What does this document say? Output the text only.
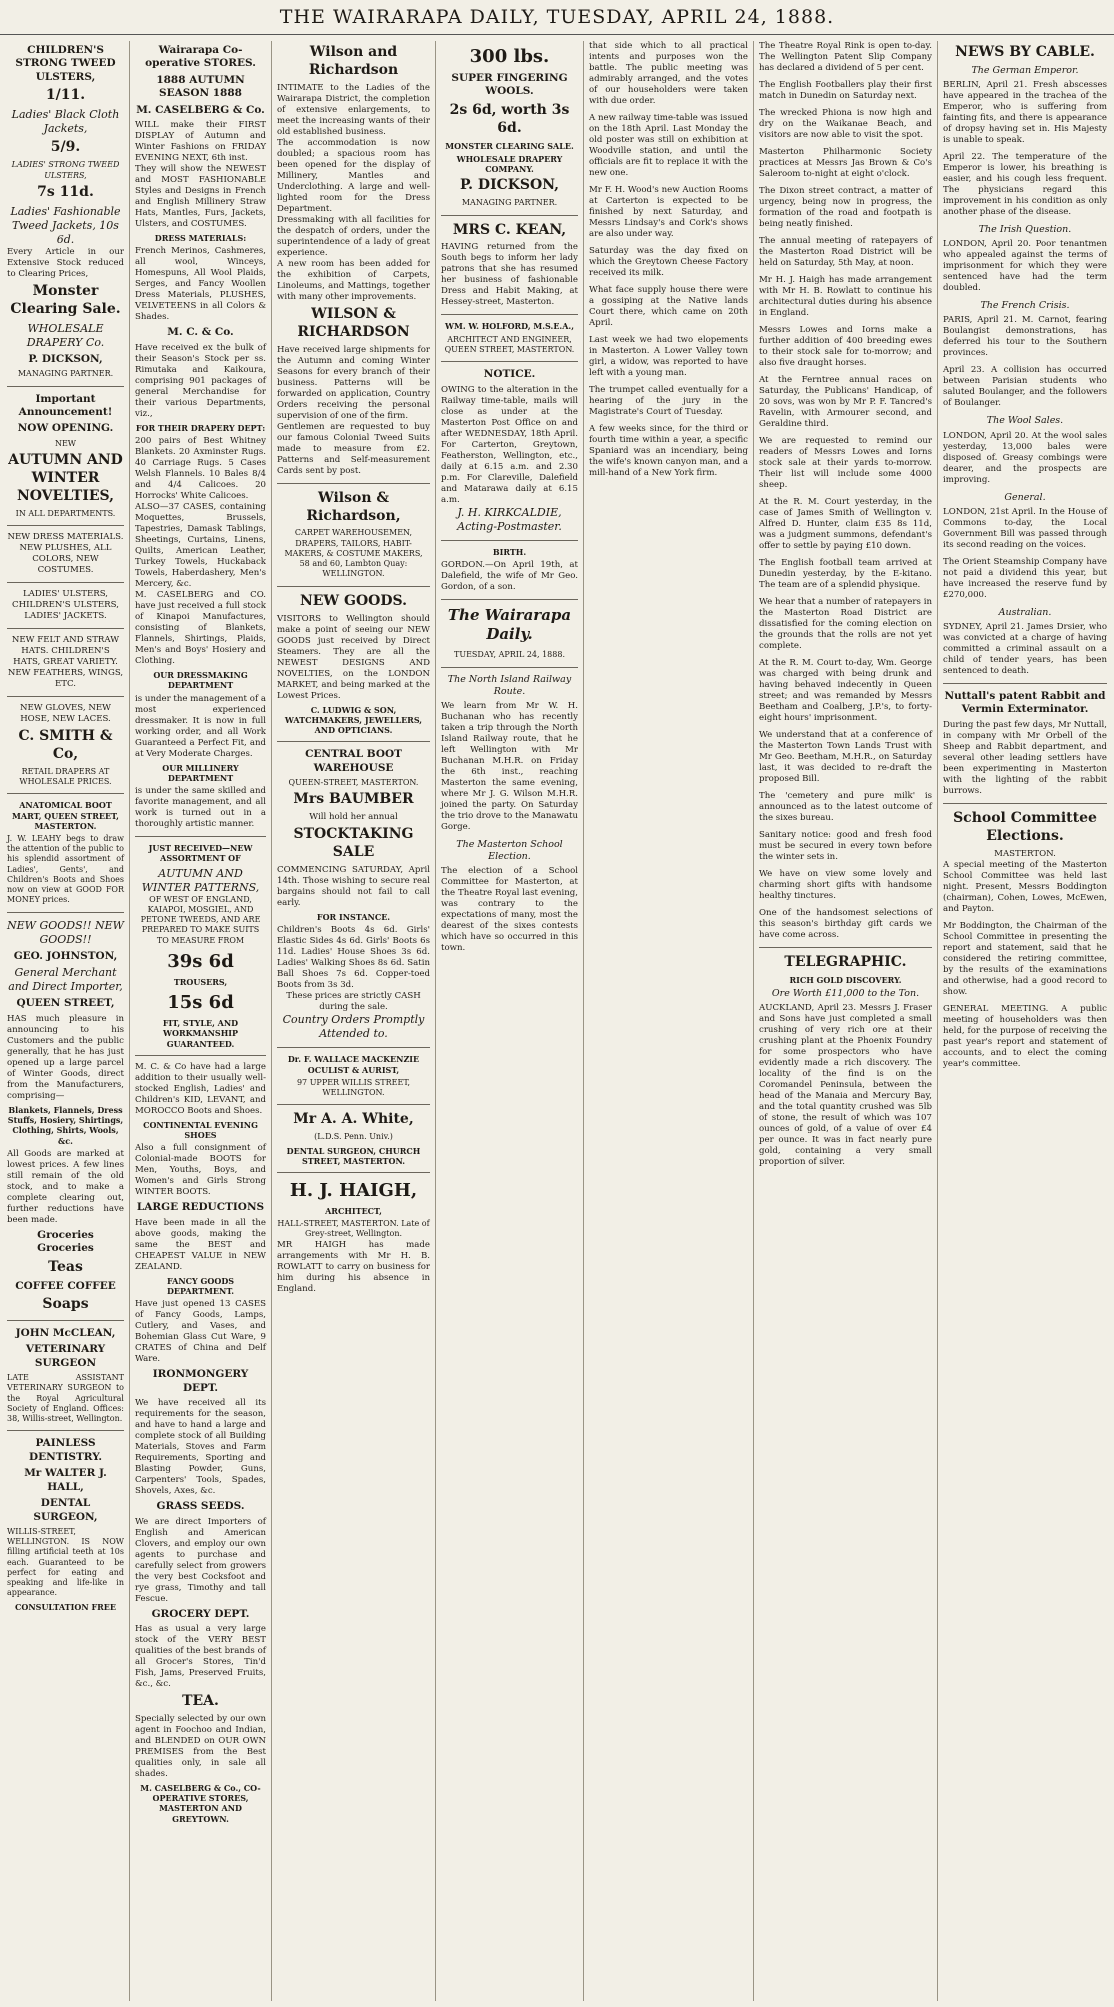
THE WAIRARAPA DAILY, TUESDAY, APRIL 24, 1888.
CHILDREN'S STRONG TWEED ULSTERS,
1/11.
Ladies' Black Cloth Jackets,
5/9.
LADIES' STRONG TWEED ULSTERS,
7s 11d.
Ladies' Fashionable Tweed Jackets, 10s 6d.
Every Article in our Extensive Stock reduced to Clearing Prices,
Monster Clearing Sale.
WHOLESALE DRAPERY Co.
P. DICKSON,
MANAGING PARTNER.
Important Announcement!
NOW OPENING.
NEW
AUTUMN AND WINTER NOVELTIES,
IN ALL DEPARTMENTS.
NEW DRESS MATERIALS. NEW PLUSHES, ALL COLORS, NEW COSTUMES.
LADIES' ULSTERS, CHILDREN'S ULSTERS, LADIES' JACKETS.
NEW FELT AND STRAW HATS. CHILDREN'S HATS, GREAT VARIETY. NEW FEATHERS, WINGS, ETC.
NEW GLOVES, NEW HOSE, NEW LACES.
C. SMITH & Co,
RETAIL DRAPERS AT WHOLESALE PRICES.
ANATOMICAL BOOT MART, QUEEN STREET, MASTERTON.
J. W. LEAHY begs to draw the attention of the public to his splendid assortment of Ladies', Gents', and Children's Boots and Shoes now on view at GOOD FOR MONEY prices.
NEW GOODS!! NEW GOODS!!
GEO. JOHNSTON,
General Merchant and Direct Importer,
QUEEN STREET,
HAS much pleasure in announcing to his Customers and the public generally, that he has just opened up a large parcel of Winter Goods, direct from the Manufacturers, comprising—
Blankets, Flannels, Dress Stuffs, Hosiery, Shirtings, Clothing, Shirts, Wools, &c.
All Goods are marked at lowest prices. A few lines still remain of the old stock, and to make a complete clearing out, further reductions have been made.
Groceries Groceries
Teas
COFFEE COFFEE
Soaps
JOHN McCLEAN,
VETERINARY SURGEON
LATE ASSISTANT VETERINARY SURGEON to the Royal Agricultural Society of England. Offices: 38, Willis-street, Wellington.
PAINLESS DENTISTRY.
Mr WALTER J. HALL,
DENTAL SURGEON,
WILLIS-STREET, WELLINGTON. IS NOW filling artificial teeth at 10s each. Guaranteed to be perfect for eating and speaking and life-like in appearance.
CONSULTATION FREE
Wairarapa Co-operative STORES.
1888 AUTUMN SEASON 1888
M. CASELBERG & Co.
WILL make their FIRST DISPLAY of Autumn and Winter Fashions on FRIDAY EVENING NEXT, 6th inst.
They will show the NEWEST and MOST FASHIONABLE Styles and Designs in French and English Millinery Straw Hats, Mantles, Furs, Jackets, Ulsters, and COSTUMES.
DRESS MATERIALS:
French Merinos, Cashmeres, all wool, Winceys, Homespuns, All Wool Plaids, Serges, and Fancy Woollen Dress Materials, PLUSHES, VELVETEENS in all Colors & Shades.
M. C. & Co.
Have received ex the bulk of their Season's Stock per ss. Rimutaka and Kaikoura, comprising 901 packages of general Merchandise for their various Departments, viz.,
FOR THEIR DRAPERY DEPT:
200 pairs of Best Whitney Blankets. 20 Axminster Rugs. 40 Carriage Rugs. 5 Cases Welsh Flannels. 10 Bales 8/4 and 4/4 Calicoes. 20 Horrocks' White Calicoes.
ALSO—37 CASES, containing Moquettes, Brussels, Tapestries, Damask Tablings, Sheetings, Curtains, Linens, Quilts, American Leather, Turkey Towels, Huckaback Towels, Haberdashery, Men's Mercery, &c.
M. CASELBERG and CO. have just received a full stock of Kinapoi Manufactures, consisting of Blankets, Flannels, Shirtings, Plaids, Men's and Boys' Hosiery and Clothing.
OUR DRESSMAKING DEPARTMENT
is under the management of a most experienced dressmaker. It is now in full working order, and all Work Guaranteed a Perfect Fit, and at Very Moderate Charges.
OUR MILLINERY DEPARTMENT
is under the same skilled and favorite management, and all work is turned out in a thoroughly artistic manner.
JUST RECEIVED—NEW ASSORTMENT OF
AUTUMN AND WINTER PATTERNS,
OF WEST OF ENGLAND, KAIAPOI, MOSGIEL, AND PETONE TWEEDS, AND ARE PREPARED TO MAKE SUITS TO MEASURE FROM
39s 6d
TROUSERS,
15s 6d
FIT, STYLE, AND WORKMANSHIP GUARANTEED.
M. C. & Co have had a large addition to their usually well-stocked English, Ladies' and Children's KID, LEVANT, and MOROCCO Boots and Shoes.
CONTINENTAL EVENING SHOES
Also a full consignment of Colonial-made BOOTS for Men, Youths, Boys, and Women's and Girls Strong WINTER BOOTS.
LARGE REDUCTIONS
Have been made in all the above goods, making the same the BEST and CHEAPEST VALUE in NEW ZEALAND.
FANCY GOODS DEPARTMENT.
Have just opened 13 CASES of Fancy Goods, Lamps, Cutlery, and Vases, and Bohemian Glass Cut Ware, 9 CRATES of China and Delf Ware.
IRONMONGERY DEPT.
We have received all its requirements for the season, and have to hand a large and complete stock of all Building Materials, Stoves and Farm Requirements, Sporting and Blasting Powder, Guns, Carpenters' Tools, Spades, Shovels, Axes, &c.
GRASS SEEDS.
We are direct Importers of English and American Clovers, and employ our own agents to purchase and carefully select from growers the very best Cocksfoot and rye grass, Timothy and tall Fescue.
GROCERY DEPT.
Has as usual a very large stock of the VERY BEST qualities of the best brands of all Grocer's Stores, Tin'd Fish, Jams, Preserved Fruits, &c., &c.
TEA.
Specially selected by our own agent in Foochoo and Indian, and BLENDED on OUR OWN PREMISES from the Best qualities only, in sale all shades.
M. CASELBERG & Co., CO-OPERATIVE STORES, MASTERTON AND GREYTOWN.
Wilson and Richardson
INTIMATE to the Ladies of the Wairarapa District, the completion of extensive enlargements, to meet the increasing wants of their old established business.
The accommodation is now doubled; a spacious room has been opened for the display of Millinery, Mantles and Underclothing. A large and well-lighted room for the Dress Department.
Dressmaking with all facilities for the despatch of orders, under the superintendence of a lady of great experience.
A new room has been added for the exhibition of Carpets, Linoleums, and Mattings, together with many other improvements.
WILSON & RICHARDSON
Have received large shipments for the Autumn and coming Winter Seasons for every branch of their business. Patterns will be forwarded on application, Country Orders receiving the personal supervision of one of the firm.
Gentlemen are requested to buy our famous Colonial Tweed Suits made to measure from £2. Patterns and Self-measurement Cards sent by post.
Wilson & Richardson,
CARPET WAREHOUSEMEN, DRAPERS, TAILORS, HABIT-MAKERS, & COSTUME MAKERS,
58 and 60, Lambton Quay: WELLINGTON.
NEW GOODS.
VISITORS to Wellington should make a point of seeing our NEW GOODS just received by Direct Steamers. They are all the NEWEST DESIGNS AND NOVELTIES, on the LONDON MARKET, and being marked at the Lowest Prices.
C. LUDWIG & SON, WATCHMAKERS, JEWELLERS, AND OPTICIANS.
CENTRAL BOOT WAREHOUSE
QUEEN-STREET, MASTERTON.
Mrs BAUMBER
Will hold her annual
STOCKTAKING SALE
COMMENCING SATURDAY, April 14th. Those wishing to secure real bargains should not fail to call early.
FOR INSTANCE.
Children's Boots 4s 6d. Girls' Elastic Sides 4s 6d. Girls' Boots 6s 11d. Ladies' House Shoes 3s 6d. Ladies' Walking Shoes 8s 6d. Satin Ball Shoes 7s 6d. Copper-toed Boots from 3s 3d.
These prices are strictly CASH during the sale.
Country Orders Promptly Attended to.
Dr. F. WALLACE MACKENZIE OCULIST & AURIST,
97 UPPER WILLIS STREET, WELLINGTON.
Mr A. A. White,
(L.D.S. Penn. Univ.)
DENTAL SURGEON, CHURCH STREET, MASTERTON.
H. J. HAIGH,
ARCHITECT,
HALL-STREET, MASTERTON. Late of Grey-street, Wellington.
MR HAIGH has made arrangements with Mr H. B. ROWLATT to carry on business for him during his absence in England.
300 lbs.
SUPER FINGERING WOOLS.
2s 6d, worth 3s 6d.
MONSTER CLEARING SALE.
WHOLESALE DRAPERY COMPANY.
P. DICKSON,
MANAGING PARTNER.
MRS C. KEAN,
HAVING returned from the South begs to inform her lady patrons that she has resumed her business of fashionable Dress and Habit Making, at Hessey-street, Masterton.
WM. W. HOLFORD, M.S.E.A.,
ARCHITECT AND ENGINEER, QUEEN STREET, MASTERTON.
NOTICE.
OWING to the alteration in the Railway time-table, mails will close as under at the Masterton Post Office on and after WEDNESDAY, 18th April. For Carterton, Greytown, Featherston, Wellington, etc., daily at 6.15 a.m. and 2.30 p.m. For Clareville, Dalefield and Matarawa daily at 6.15 a.m.
J. H. KIRKCALDIE, Acting-Postmaster.
BIRTH.
GORDON.—On April 19th, at Dalefield, the wife of Mr Geo. Gordon, of a son.
The Wairarapa Daily.
TUESDAY, APRIL 24, 1888.
The North Island Railway Route.
We learn from Mr W. H. Buchanan who has recently taken a trip through the North Island Railway route, that he left Wellington with Mr Buchanan M.H.R. on Friday the 6th inst., reaching Masterton the same evening, where Mr J. G. Wilson M.H.R. joined the party. On Saturday the trio drove to the Manawatu Gorge.
The Masterton School Election.
The election of a School Committee for Masterton, at the Theatre Royal last evening, was contrary to the expectations of many, most the dearest of the sixes contests which have so occurred in this town.
that side which to all practical intents and purposes won the battle. The public meeting was admirably arranged, and the votes of our householders were taken with due order.
A new railway time-table was issued on the 18th April. Last Monday the old poster was still on exhibition at Woodville station, and until the officials are fit to replace it with the new one.
Mr F. H. Wood's new Auction Rooms at Carterton is expected to be finished by next Saturday, and Messrs Lindsay's and Cork's shows are also under way.
Saturday was the day fixed on which the Greytown Cheese Factory received its milk.
What face supply house there were a gossiping at the Native lands Court there, which came on 20th April.
Last week we had two elopements in Masterton. A Lower Valley town girl, a widow, was reported to have left with a young man.
The trumpet called eventually for a hearing of the jury in the Magistrate's Court of Tuesday.
A few weeks since, for the third or fourth time within a year, a specific Spaniard was an incendiary, being the wife's known canyon man, and a mill-hand of a New York firm.
The Theatre Royal Rink is open to-day. The Wellington Patent Slip Company has declared a dividend of 5 per cent.
The English Footballers play their first match in Dunedin on Saturday next.
The wrecked Phiona is now high and dry on the Waikanae Beach, and visitors are now able to visit the spot.
Masterton Philharmonic Society practices at Messrs Jas Brown & Co's Saleroom to-night at eight o'clock.
The Dixon street contract, a matter of urgency, being now in progress, the formation of the road and footpath is being neatly finished.
The annual meeting of ratepayers of the Masterton Road District will be held on Saturday, 5th May, at noon.
Mr H. J. Haigh has made arrangement with Mr H. B. Rowlatt to continue his architectural duties during his absence in England.
Messrs Lowes and Iorns make a further addition of 400 breeding ewes to their stock sale for to-morrow; and also five draught horses.
At the Ferntree annual races on Saturday, the Publicans' Handicap, of 20 sovs, was won by Mr P. F. Tancred's Ravelin, with Armourer second, and Geraldine third.
We are requested to remind our readers of Messrs Lowes and Iorns stock sale at their yards to-morrow. Their list will include some 4000 sheep.
At the R. M. Court yesterday, in the case of James Smith of Wellington v. Alfred D. Hunter, claim £35 8s 11d, was a judgment summons, defendant's offer to settle by paying £10 down.
The English football team arrived at Dunedin yesterday, by the E-kitano. The team are of a splendid physique.
We hear that a number of ratepayers in the Masterton Road District are dissatisfied for the coming election on the grounds that the rolls are not yet complete.
At the R. M. Court to-day, Wm. George was charged with being drunk and having behaved indecently in Queen street; and was remanded by Messrs Beetham and Coalberg, J.P.'s, to forty-eight hours' imprisonment.
We understand that at a conference of the Masterton Town Lands Trust with Mr Geo. Beetham, M.H.R., on Saturday last, it was decided to re-draft the proposed Bill.
The 'cemetery and pure milk' is announced as to the latest outcome of the sixes bureau.
Sanitary notice: good and fresh food must be secured in every town before the winter sets in.
We have on view some lovely and charming short gifts with handsome healthy tinctures.
One of the handsomest selections of this season's birthday gift cards we have come across.
TELEGRAPHIC.
RICH GOLD DISCOVERY.
Ore Worth £11,000 to the Ton.
AUCKLAND, April 23. Messrs J. Fraser and Sons have just completed a small crushing of very rich ore at their crushing plant at the Phoenix Foundry for some prospectors who have evidently made a rich discovery. The locality of the find is on the Coromandel Peninsula, between the head of the Manaia and Mercury Bay, and the total quantity crushed was 5lb of stone, the result of which was 107 ounces of gold, of a value of over £4 per ounce. It was in fact nearly pure gold, containing a very small proportion of silver.
NEWS BY CABLE.
The German Emperor.
BERLIN, April 21. Fresh abscesses have appeared in the trachea of the Emperor, who is suffering from fainting fits, and there is appearance of dropsy having set in. His Majesty is unable to speak.
April 22. The temperature of the Emperor is lower, his breathing is easier, and his cough less frequent. The physicians regard this improvement in his condition as only another phase of the disease.
The Irish Question.
LONDON, April 20. Poor tenantmen who appealed against the terms of imprisonment for which they were sentenced have had the term doubled.
The French Crisis.
PARIS, April 21. M. Carnot, fearing Boulangist demonstrations, has deferred his tour to the Southern provinces.
April 23. A collision has occurred between Parisian students who saluted Boulanger, and the followers of Boulanger.
The Wool Sales.
LONDON, April 20. At the wool sales yesterday, 13,000 bales were disposed of. Greasy combings were dearer, and the prospects are improving.
General.
LONDON, 21st April. In the House of Commons to-day, the Local Government Bill was passed through its second reading on the voices.
The Orient Steamship Company have not paid a dividend this year, but have increased the reserve fund by £270,000.
Australian.
SYDNEY, April 21. James Drsier, who was convicted at a charge of having committed a criminal assault on a child of tender years, has been sentenced to death.
Nuttall's patent Rabbit and Vermin Exterminator.
During the past few days, Mr Nuttall, in company with Mr Orbell of the Sheep and Rabbit department, and several other leading settlers have been experimenting in Masterton with the lighting of the rabbit burrows.
School Committee Elections.
MASTERTON.
A special meeting of the Masterton School Committee was held last night. Present, Messrs Boddington (chairman), Cohen, Lowes, McEwen, and Payton.
Mr Boddington, the Chairman of the School Committee in presenting the report and statement, said that he considered the retiring committee, by the results of the examinations and otherwise, had a good record to show.
GENERAL MEETING. A public meeting of householders was then held, for the purpose of receiving the past year's report and statement of accounts, and to elect the coming year's committee.
